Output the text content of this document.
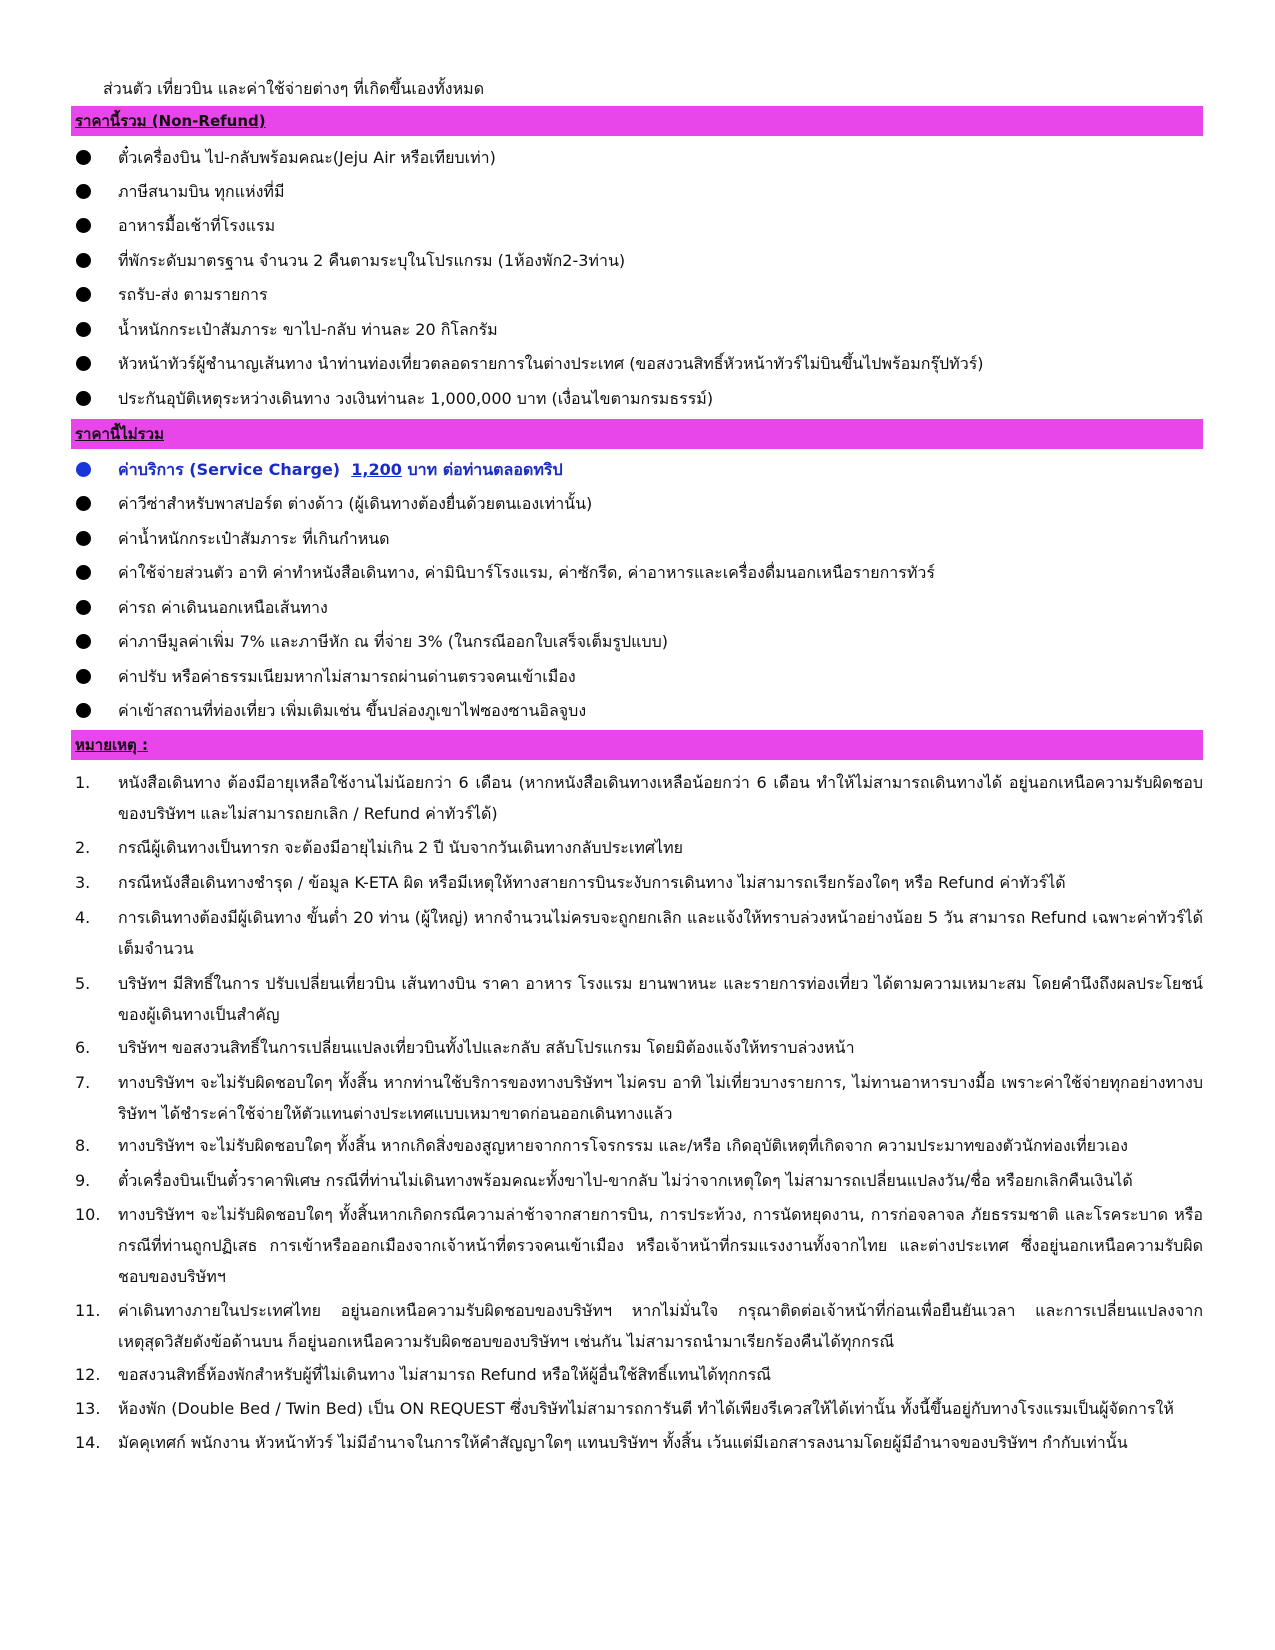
ส่วนตัว เที่ยวบิน และค่าใช้จ่ายต่างๆ ที่เกิดขึ้นเองทั้งหมด
ราคานี้รวม (Non-Refund)
ตั๋วเครื่องบิน ไป-กลับพร้อมคณะ(Jeju Air หรือเทียบเท่า)
ภาษีสนามบิน ทุกแห่งที่มี
อาหารมื้อเช้าที่โรงแรม
ที่พักระดับมาตรฐาน จำนวน 2 คืนตามระบุในโปรแกรม (1ห้องพัก2-3ท่าน)
รถรับ-ส่ง ตามรายการ
น้ำหนักกระเป๋าสัมภาระ ขาไป-กลับ ท่านละ 20 กิโลกรัม
หัวหน้าทัวร์ผู้ชำนาญเส้นทาง นำท่านท่องเที่ยวตลอดรายการในต่างประเทศ (ขอสงวนสิทธิ์หัวหน้าทัวร์ไม่บินขึ้นไปพร้อมกรุ๊ปทัวร์)
ประกันอุบัติเหตุระหว่างเดินทาง วงเงินท่านละ 1,000,000 บาท (เงื่อนไขตามกรมธรรม์)
ราคานี้ไม่รวม
ค่าบริการ (Service Charge) 1,200 บาท ต่อท่านตลอดทริป
ค่าวีซ่าสำหรับพาสปอร์ต ต่างด้าว (ผู้เดินทางต้องยื่นด้วยตนเองเท่านั้น)
ค่าน้ำหนักกระเป๋าสัมภาระ ที่เกินกำหนด
ค่าใช้จ่ายส่วนตัว อาทิ ค่าทำหนังสือเดินทาง, ค่ามินิบาร์โรงแรม, ค่าซักรีด, ค่าอาหารและเครื่องดื่มนอกเหนือรายการทัวร์
ค่ารถ ค่าเดินนอกเหนือเส้นทาง
ค่าภาษีมูลค่าเพิ่ม 7% และภาษีหัก ณ ที่จ่าย 3% (ในกรณีออกใบเสร็จเต็มรูปแบบ)
ค่าปรับ หรือค่าธรรมเนียมหากไม่สามารถผ่านด่านตรวจคนเข้าเมือง
ค่าเข้าสถานที่ท่องเที่ยว เพิ่มเติมเช่น ขึ้นปล่องภูเขาไฟซองซานอิลจูบง
หมายเหตุ :
1. หนังสือเดินทาง ต้องมีอายุเหลือใช้งานไม่น้อยกว่า 6 เดือน (หากหนังสือเดินทางเหลือน้อยกว่า 6 เดือน ทำให้ไม่สามารถเดินทางได้ อยู่นอกเหนือความรับผิดชอบของบริษัทฯ และไม่สามารถยกเลิก / Refund ค่าทัวร์ได้)
2. กรณีผู้เดินทางเป็นทารก จะต้องมีอายุไม่เกิน 2 ปี นับจากวันเดินทางกลับประเทศไทย
3. กรณีหนังสือเดินทางชำรุด / ข้อมูล K-ETA ผิด หรือมีเหตุให้ทางสายการบินระงับการเดินทาง ไม่สามารถเรียกร้องใดๆ หรือ Refund ค่าทัวร์ได้
4. การเดินทางต้องมีผู้เดินทาง ขั้นต่ำ 20 ท่าน (ผู้ใหญ่) หากจำนวนไม่ครบจะถูกยกเลิก และแจ้งให้ทราบล่วงหน้าอย่างน้อย 5 วัน สามารถ Refund เฉพาะค่าทัวร์ได้เต็มจำนวน
5. บริษัทฯ มีสิทธิ์ในการ ปรับเปลี่ยนเที่ยวบิน เส้นทางบิน ราคา อาหาร โรงแรม ยานพาหนะ และรายการท่องเที่ยว ได้ตามความเหมาะสม โดยคำนึงถึงผลประโยชน์ของผู้เดินทางเป็นสำคัญ
6. บริษัทฯ ขอสงวนสิทธิ์ในการเปลี่ยนแปลงเที่ยวบินทั้งไปและกลับ สลับโปรแกรม โดยมิต้องแจ้งให้ทราบล่วงหน้า
7. ทางบริษัทฯ จะไม่รับผิดชอบใดๆ ทั้งสิ้น หากท่านใช้บริการของทางบริษัทฯ ไม่ครบ อาทิ ไม่เที่ยวบางรายการ, ไม่ทานอาหารบางมื้อ เพราะค่าใช้จ่ายทุกอย่างทางบริษัทฯ ได้ชำระค่าใช้จ่ายให้ตัวแทนต่างประเทศแบบเหมาขาดก่อนออกเดินทางแล้ว
8. ทางบริษัทฯ จะไม่รับผิดชอบใดๆ ทั้งสิ้น หากเกิดสิ่งของสูญหายจากการโจรกรรม และ/หรือ เกิดอุบัติเหตุที่เกิดจาก ความประมาทของตัวนักท่องเที่ยวเอง
9. ตั๋วเครื่องบินเป็นตั๋วราคาพิเศษ กรณีที่ท่านไม่เดินทางพร้อมคณะทั้งขาไป-ขากลับ ไม่ว่าจากเหตุใดๆ ไม่สามารถเปลี่ยนแปลงวัน/ชื่อ หรือยกเลิกคืนเงินได้
10. ทางบริษัทฯ จะไม่รับผิดชอบใดๆ ทั้งสิ้นหากเกิดกรณีความล่าช้าจากสายการบิน, การประท้วง, การนัดหยุดงาน, การก่อจลาจล ภัยธรรมชาติ และโรคระบาด หรือกรณีที่ท่านถูกปฏิเสธ การเข้าหรือออกเมืองจากเจ้าหน้าที่ตรวจคนเข้าเมือง หรือเจ้าหน้าที่กรมแรงงานทั้งจากไทย และต่างประเทศ ซึ่งอยู่นอกเหนือความรับผิดชอบของบริษัทฯ
11. ค่าเดินทางภายในประเทศไทย อยู่นอกเหนือความรับผิดชอบของบริษัทฯ หากไม่มั่นใจ กรุณาติดต่อเจ้าหน้าที่ก่อนเพื่อยืนยันเวลา และการเปลี่ยนแปลงจากเหตุสุดวิสัยดังข้อด้านบน ก็อยู่นอกเหนือความรับผิดชอบของบริษัทฯ เช่นกัน ไม่สามารถนำมาเรียกร้องคืนได้ทุกกรณี
12. ขอสงวนสิทธิ์ห้องพักสำหรับผู้ที่ไม่เดินทาง ไม่สามารถ Refund หรือให้ผู้อื่นใช้สิทธิ์แทนได้ทุกกรณี
13. ห้องพัก (Double Bed / Twin Bed) เป็น ON REQUEST ซึ่งบริษัทไม่สามารถการันตี ทำได้เพียงรีเควสให้ได้เท่านั้น ทั้งนี้ขึ้นอยู่กับทางโรงแรมเป็นผู้จัดการให้
14. มัคคุเทศก์ พนักงาน หัวหน้าทัวร์ ไม่มีอำนาจในการให้คำสัญญาใดๆ แทนบริษัทฯ ทั้งสิ้น เว้นแต่มีเอกสารลงนามโดยผู้มีอำนาจของบริษัทฯ กำกับเท่านั้น
